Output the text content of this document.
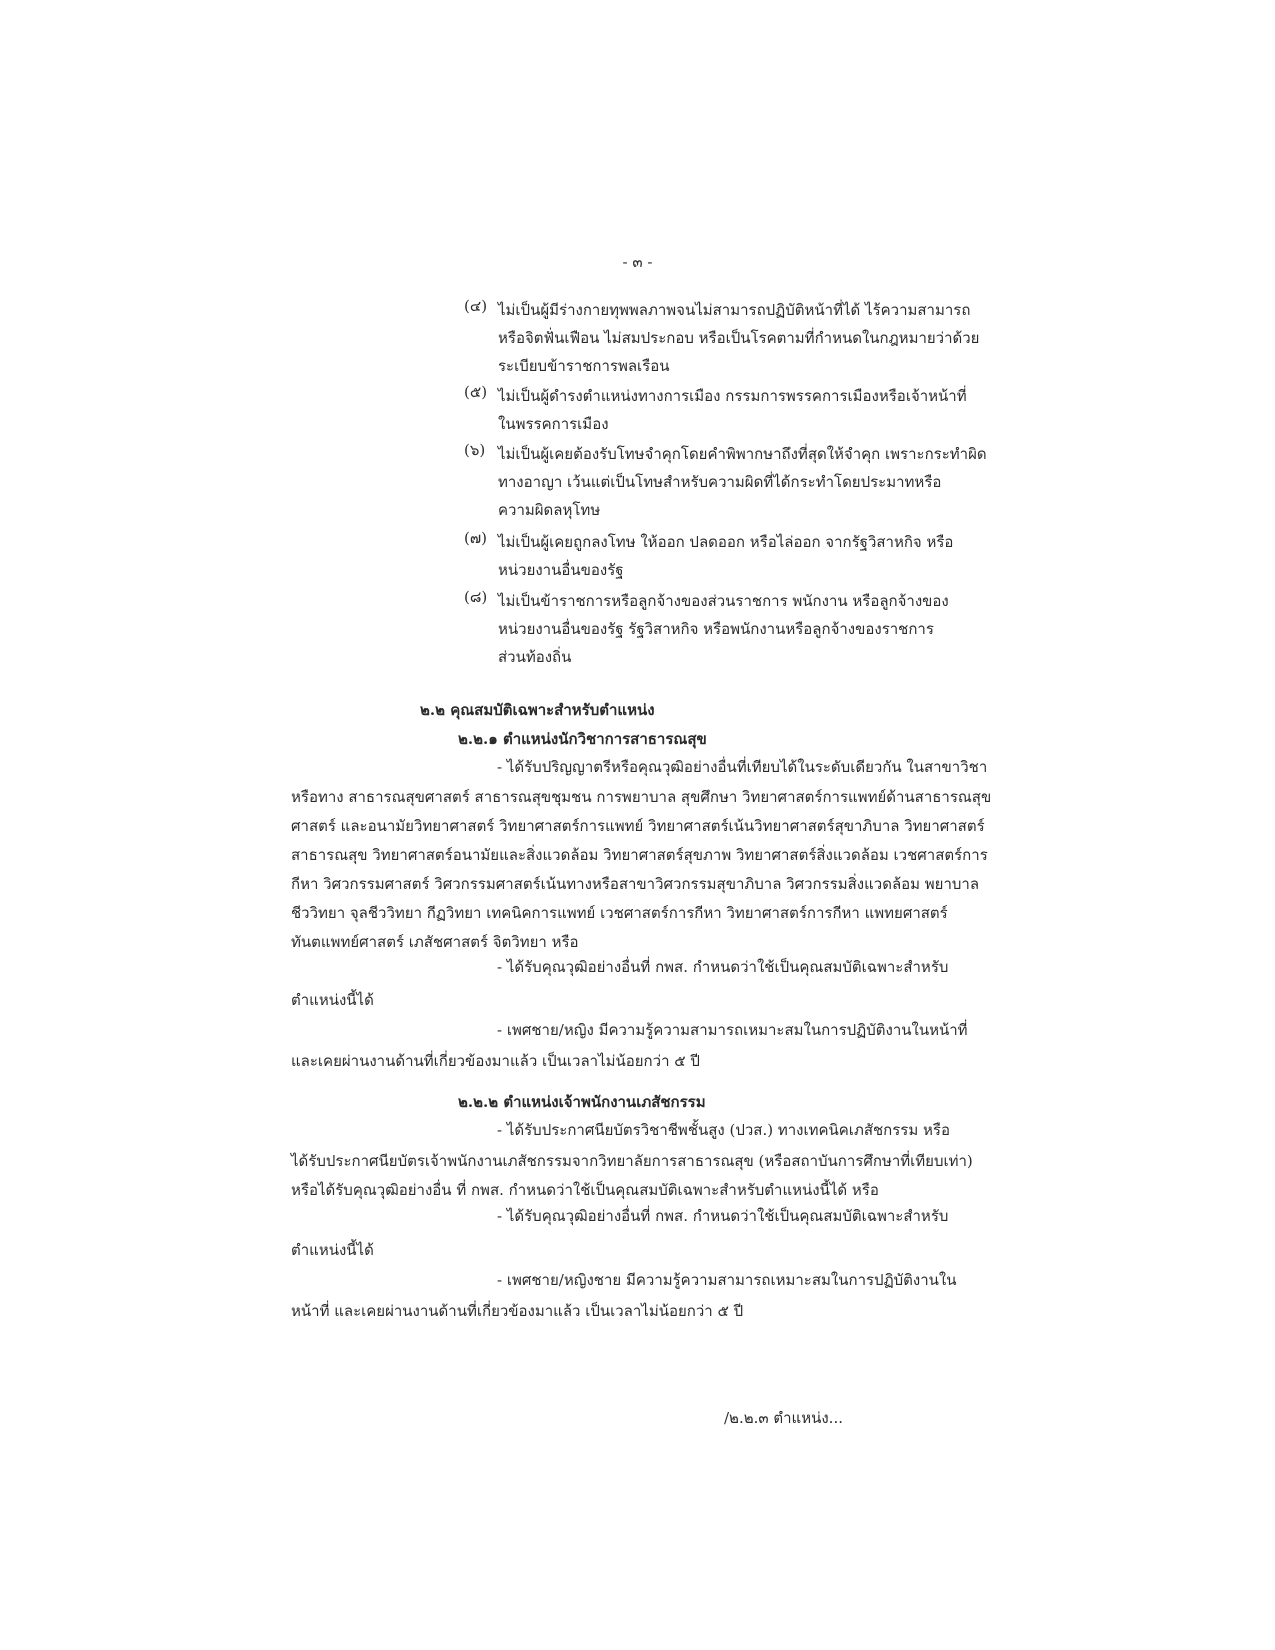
- ๓ -
(๔) ไม่เป็นผู้มีร่างกายทุพพลภาพจนไม่สามารถปฏิบัติหน้าที่ได้ ไร้ความสามารถ
หรือจิตฟั่นเฟือน ไม่สมประกอบ หรือเป็นโรคตามที่กำหนดในกฎหมายว่าด้วย
ระเบียบข้าราชการพลเรือน
(๕) ไม่เป็นผู้ดำรงตำแหน่งทางการเมือง กรรมการพรรคการเมืองหรือเจ้าหน้าที่
ในพรรคการเมือง
(๖) ไม่เป็นผู้เคยต้องรับโทษจำคุกโดยคำพิพากษาถึงที่สุดให้จำคุก เพราะกระทำผิด
ทางอาญา เว้นแต่เป็นโทษสำหรับความผิดที่ได้กระทำโดยประมาทหรือ
ความผิดลหุโทษ
(๗) ไม่เป็นผู้เคยถูกลงโทษ ให้ออก ปลดออก หรือไล่ออก จากรัฐวิสาหกิจ หรือ
หน่วยงานอื่นของรัฐ
(๘) ไม่เป็นข้าราชการหรือลูกจ้างของส่วนราชการ พนักงาน หรือลูกจ้างของ
หน่วยงานอื่นของรัฐ รัฐวิสาหกิจ หรือพนักงานหรือลูกจ้างของราชการ
ส่วนท้องถิ่น
๒.๒ คุณสมบัติเฉพาะสำหรับตำแหน่ง
๒.๒.๑ ตำแหน่งนักวิชาการสาธารณสุข
- ได้รับปริญญาตรีหรือคุณวุฒิอย่างอื่นที่เทียบได้ในระดับเดียวกัน ในสาขาวิชา
หรือทาง สาธารณสุขศาสตร์ สาธารณสุขชุมชน การพยาบาล สุขศึกษา วิทยาศาสตร์การแพทย์ด้านสาธารณสุข
ศาสตร์ และอนามัยวิทยาศาสตร์ วิทยาศาสตร์การแพทย์ วิทยาศาสตร์เน้นวิทยาศาสตร์สุขาภิบาล วิทยาศาสตร์
สาธารณสุข วิทยาศาสตร์อนามัยและสิ่งแวดล้อม วิทยาศาสตร์สุขภาพ วิทยาศาสตร์สิ่งแวดล้อม เวชศาสตร์การ
กีหา วิศวกรรมศาสตร์ วิศวกรรมศาสตร์เน้นทางหรือสาขาวิศวกรรมสุขาภิบาล วิศวกรรมสิ่งแวดล้อม พยาบาล
ชีววิทยา จุลชีววิทยา กีฏวิทยา เทคนิคการแพทย์ เวชศาสตร์การกีหา วิทยาศาสตร์การกีหา แพทยศาสตร์
ทันตแพทย์ศาสตร์ เภสัชศาสตร์ จิตวิทยา หรือ
- ได้รับคุณวุฒิอย่างอื่นที่ กพส. กำหนดว่าใช้เป็นคุณสมบัติเฉพาะสำหรับ
ตำแหน่งนี้ได้
- เพศชาย/หญิง มีความรู้ความสามารถเหมาะสมในการปฏิบัติงานในหน้าที่
และเคยผ่านงานด้านที่เกี่ยวข้องมาแล้ว เป็นเวลาไม่น้อยกว่า ๕ ปี
๒.๒.๒ ตำแหน่งเจ้าพนักงานเภสัชกรรม
- ได้รับประกาศนียบัตรวิชาชีพชั้นสูง (ปวส.) ทางเทคนิคเภสัชกรรม หรือ
ได้รับประกาศนียบัตรเจ้าพนักงานเภสัชกรรมจากวิทยาลัยการสาธารณสุข (หรือสถาบันการศึกษาที่เทียบเท่า)
หรือได้รับคุณวุฒิอย่างอื่น ที่ กพส. กำหนดว่าใช้เป็นคุณสมบัติเฉพาะสำหรับตำแหน่งนี้ได้ หรือ
- ได้รับคุณวุฒิอย่างอื่นที่ กพส. กำหนดว่าใช้เป็นคุณสมบัติเฉพาะสำหรับ
ตำแหน่งนี้ได้
- เพศชาย/หญิงชาย มีความรู้ความสามารถเหมาะสมในการปฏิบัติงานใน
หน้าที่ และเคยผ่านงานด้านที่เกี่ยวข้องมาแล้ว เป็นเวลาไม่น้อยกว่า ๕ ปี
/๒.๒.๓ ตำแหน่ง...
